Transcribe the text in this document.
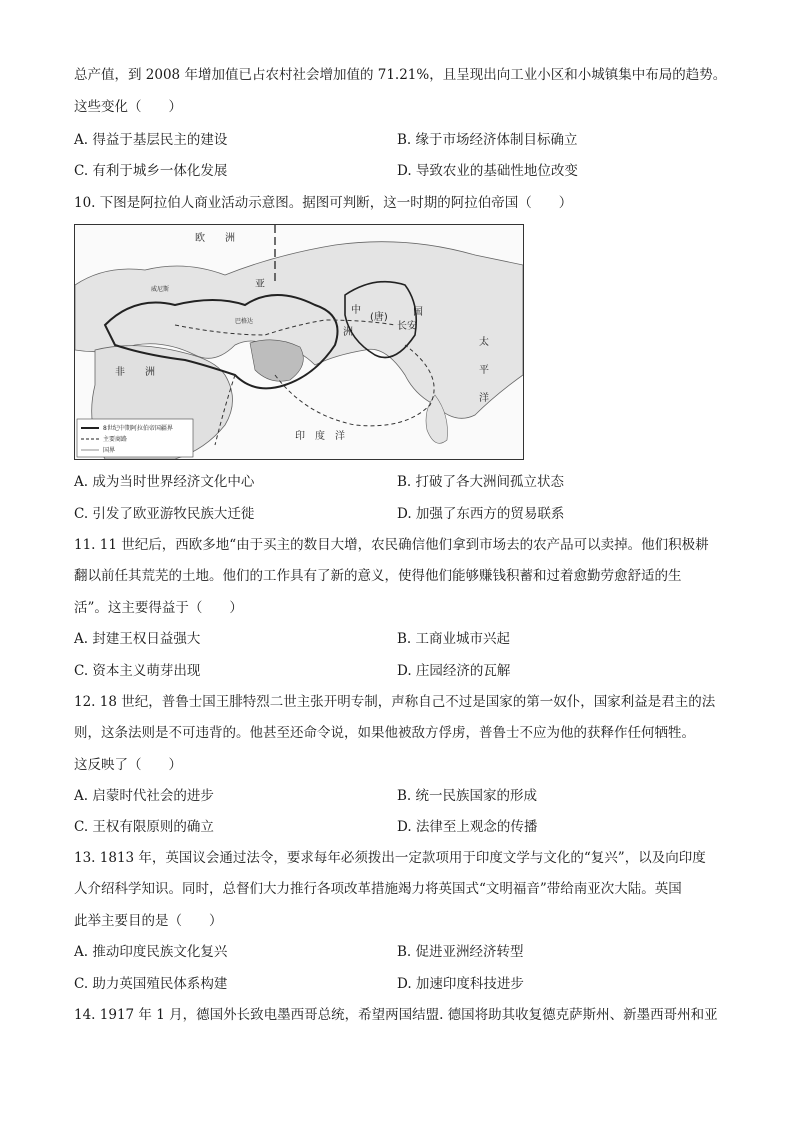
总产值，到 2008 年增加值已占农村社会增加值的 71.21%，且呈现出向工业小区和小城镇集中布局的趋势。
这些变化（　　）
A. 得益于基层民主的建设	B. 缘于市场经济体制目标确立
C. 有利于城乡一体化发展	D. 导致农业的基础性地位改变
10. 下图是阿拉伯人商业活动示意图。据图可判断，这一时期的阿拉伯帝国（　　）
欧　　洲
非　　洲
亚
中	国
(唐)
洲
长安
印　度　洋
太
平
洋
威尼斯
巴格达
8世纪中期阿拉伯帝国疆界
主要商路
国界
A. 成为当时世界经济文化中心	B. 打破了各大洲间孤立状态
C. 引发了欧亚游牧民族大迁徙	D. 加强了东西方的贸易联系
11. 11 世纪后，西欧多地“由于买主的数目大增，农民确信他们拿到市场去的农产品可以卖掉。他们积极耕
翻以前任其荒芜的土地。他们的工作具有了新的意义，使得他们能够赚钱积蓄和过着愈勤劳愈舒适的生
活”。这主要得益于（　　）
A. 封建王权日益强大	B. 工商业城市兴起
C. 资本主义萌芽出现	D. 庄园经济的瓦解
12. 18 世纪，普鲁士国王腓特烈二世主张开明专制，声称自己不过是国家的第一奴仆，国家利益是君主的法
则，这条法则是不可违背的。他甚至还命令说，如果他被敌方俘虏，普鲁士不应为他的获释作任何牺牲。
这反映了（　　）
A. 启蒙时代社会的进步	B. 统一民族国家的形成
C. 王权有限原则的确立	D. 法律至上观念的传播
13. 1813 年，英国议会通过法令，要求每年必须拨出一定款项用于印度文学与文化的“复兴”，以及向印度
人介绍科学知识。同时，总督们大力推行各项改革措施竭力将英国式“文明福音”带给南亚次大陆。英国
此举主要目的是（　　）
A. 推动印度民族文化复兴	B. 促进亚洲经济转型
C. 助力英国殖民体系构建	D. 加速印度科技进步
14. 1917 年 1 月，德国外长致电墨西哥总统，希望两国结盟. 德国将助其收复德克萨斯州、新墨西哥州和亚
